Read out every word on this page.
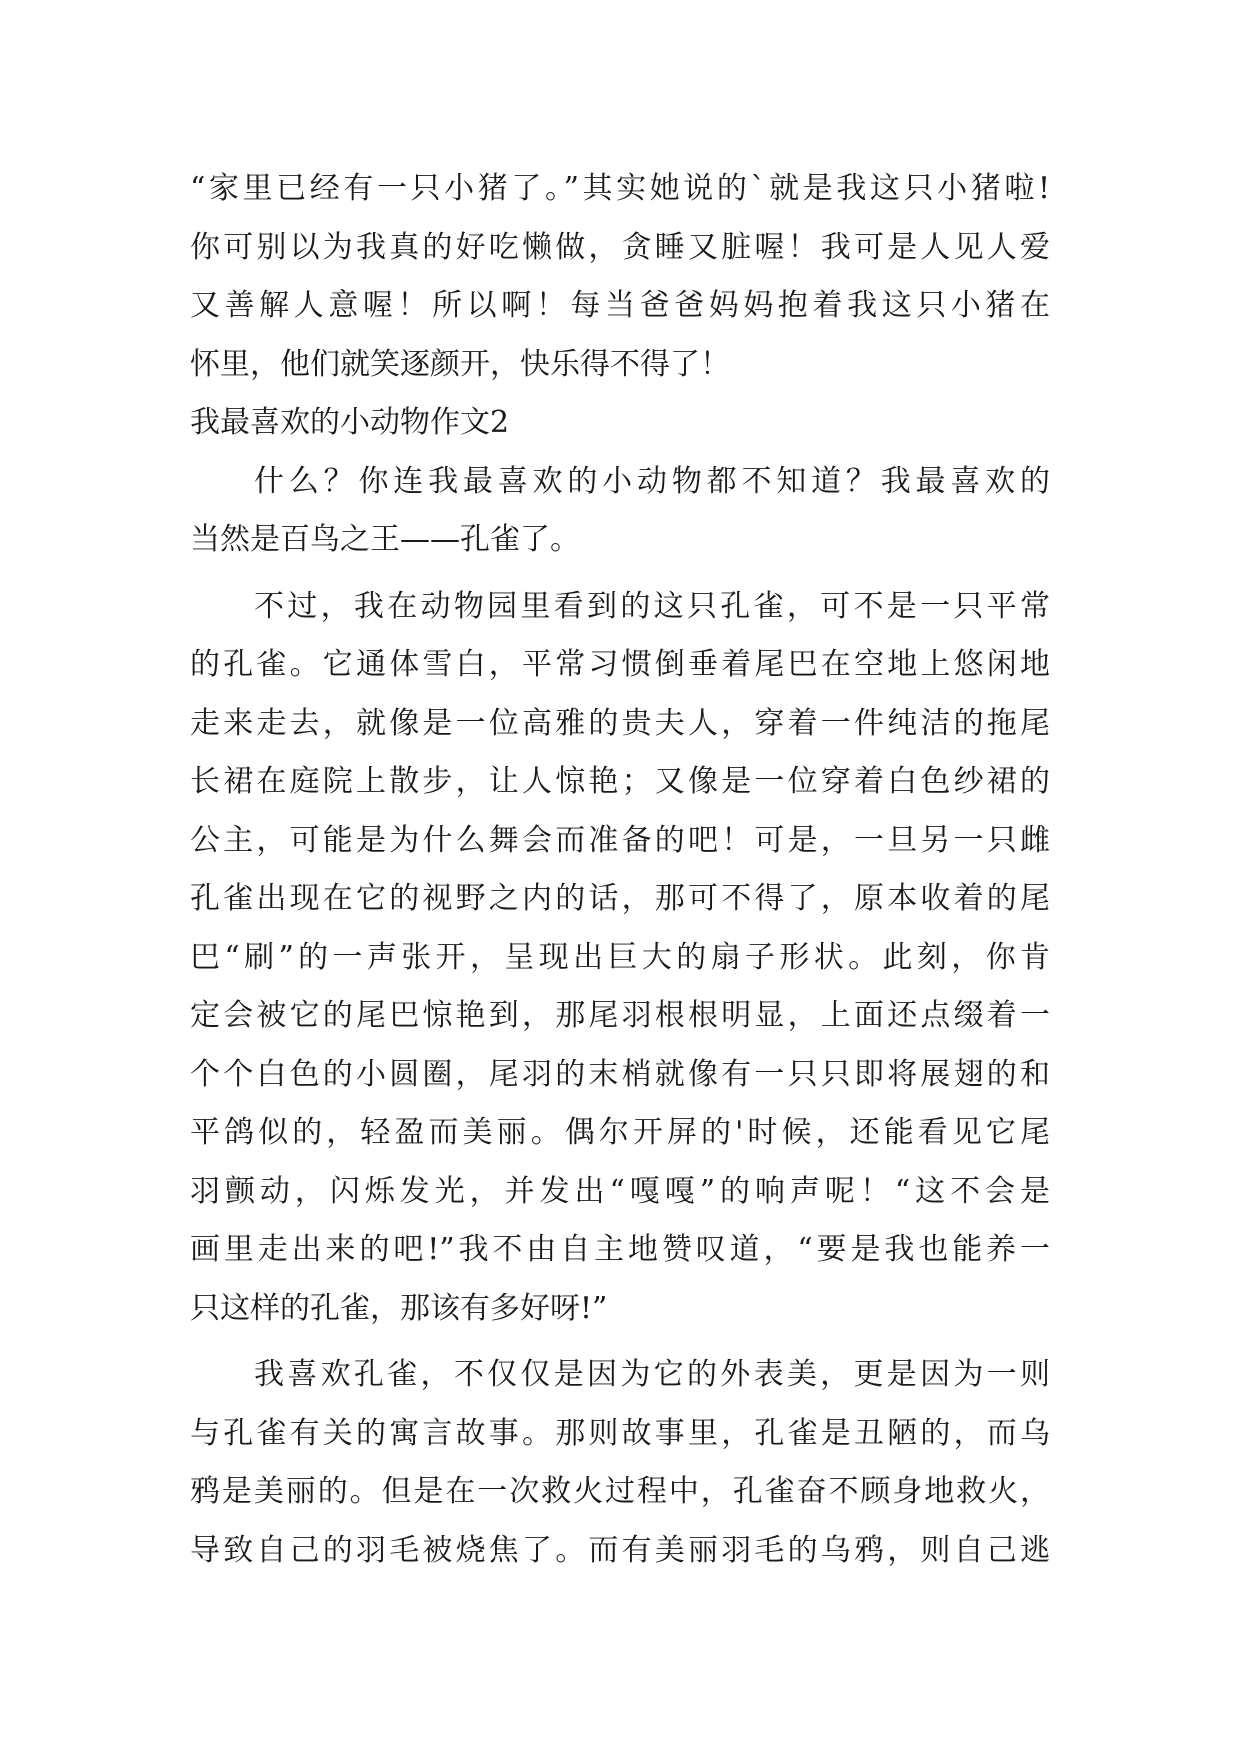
“家里已经有一只小猪了。”其实她说的`就是我这只小猪啦!
你可别以为我真的好吃懒做，贪睡又脏喔！我可是人见人爱
又善解人意喔！所以啊！每当爸爸妈妈抱着我这只小猪在
怀里，他们就笑逐颜开，快乐得不得了！
我最喜欢的小动物作文2
什么？你连我最喜欢的小动物都不知道？我最喜欢的
当然是百鸟之王——孔雀了。
不过，我在动物园里看到的这只孔雀，可不是一只平常
的孔雀。它通体雪白，平常习惯倒垂着尾巴在空地上悠闲地
走来走去，就像是一位高雅的贵夫人，穿着一件纯洁的拖尾
长裙在庭院上散步，让人惊艳；又像是一位穿着白色纱裙的
公主，可能是为什么舞会而准备的吧！可是，一旦另一只雌
孔雀出现在它的视野之内的话，那可不得了，原本收着的尾
巴“刷”的一声张开，呈现出巨大的扇子形状。此刻，你肯
定会被它的尾巴惊艳到，那尾羽根根明显，上面还点缀着一
个个白色的小圆圈，尾羽的末梢就像有一只只即将展翅的和
平鸽似的，轻盈而美丽。偶尔开屏的'时候，还能看见它尾
羽颤动，闪烁发光，并发出“嘎嘎”的响声呢！“这不会是
画里走出来的吧!”我不由自主地赞叹道，“要是我也能养一
只这样的孔雀，那该有多好呀!”
我喜欢孔雀，不仅仅是因为它的外表美，更是因为一则
与孔雀有关的寓言故事。那则故事里，孔雀是丑陋的，而乌
鸦是美丽的。但是在一次救火过程中，孔雀奋不顾身地救火，
导致自己的羽毛被烧焦了。而有美丽羽毛的乌鸦，则自己逃
